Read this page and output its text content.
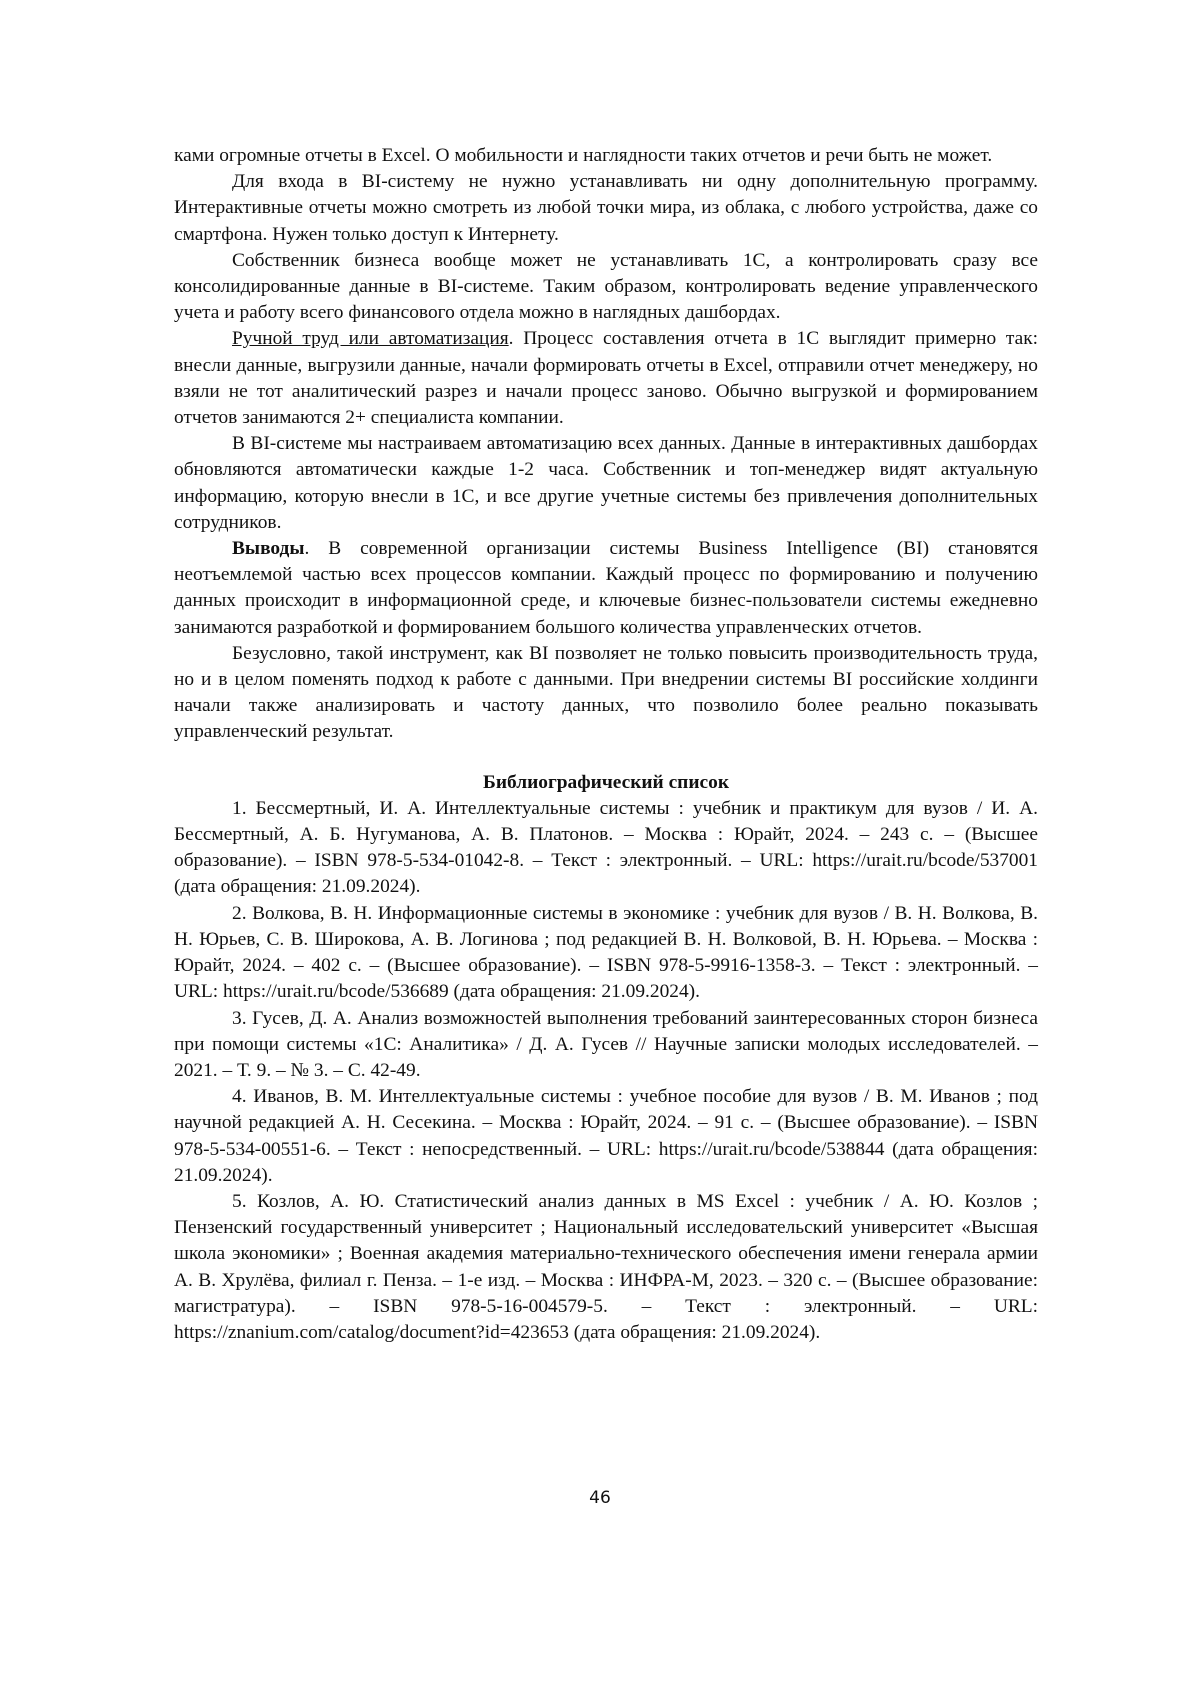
ками огромные отчеты в Excel. О мобильности и наглядности таких отчетов и речи быть не может.

Для входа в BI-систему не нужно устанавливать ни одну дополнительную программу. Интерактивные отчеты можно смотреть из любой точки мира, из облака, с любого устройства, даже со смартфона. Нужен только доступ к Интернету.

Собственник бизнеса вообще может не устанавливать 1С, а контролировать сразу все консолидированные данные в BI-системе. Таким образом, контролировать ведение управленческого учета и работу всего финансового отдела можно в наглядных дашбордах.

Ручной труд или автоматизация. Процесс составления отчета в 1С выглядит примерно так: внесли данные, выгрузили данные, начали формировать отчеты в Excel, отправили отчет менеджеру, но взяли не тот аналитический разрез и начали процесс заново. Обычно выгрузкой и формированием отчетов занимаются 2+ специалиста компании.

В BI-системе мы настраиваем автоматизацию всех данных. Данные в интерактивных дашбордах обновляются автоматически каждые 1-2 часа. Собственник и топ-менеджер видят актуальную информацию, которую внесли в 1С, и все другие учетные системы без привлечения дополнительных сотрудников.

Выводы. В современной организации системы Business Intelligence (BI) становятся неотъемлемой частью всех процессов компании. Каждый процесс по формированию и получению данных происходит в информационной среде, и ключевые бизнес-пользователи системы ежедневно занимаются разработкой и формированием большого количества управленческих отчетов.

Безусловно, такой инструмент, как BI позволяет не только повысить производительность труда, но и в целом поменять подход к работе с данными. При внедрении системы BI российские холдинги начали также анализировать и частоту данных, что позволило более реально показывать управленческий результат.

Библиографический список

1. Бессмертный, И. А. Интеллектуальные системы : учебник и практикум для вузов / И. А. Бессмертный, А. Б. Нугуманова, А. В. Платонов. – Москва : Юрайт, 2024. – 243 с. – (Высшее образование). – ISBN 978-5-534-01042-8. – Текст : электронный. – URL: https://urait.ru/bcode/537001 (дата обращения: 21.09.2024).

2. Волкова, В. Н. Информационные системы в экономике : учебник для вузов / В. Н. Волкова, В. Н. Юрьев, С. В. Широкова, А. В. Логинова ; под редакцией В. Н. Волковой, В. Н. Юрьева. – Москва : Юрайт, 2024. – 402 с. – (Высшее образование). – ISBN 978-5-9916-1358-3. – Текст : электронный. – URL: https://urait.ru/bcode/536689 (дата обращения: 21.09.2024).

3. Гусев, Д. А. Анализ возможностей выполнения требований заинтересованных сторон бизнеса при помощи системы «1С: Аналитика» / Д. А. Гусев // Научные записки молодых исследователей. – 2021. – Т. 9. – № 3. – С. 42-49.

4. Иванов, В. М. Интеллектуальные системы : учебное пособие для вузов / В. М. Иванов ; под научной редакцией А. Н. Сесекина. – Москва : Юрайт, 2024. – 91 с. – (Высшее образование). – ISBN 978-5-534-00551-6. – Текст : непосредственный. – URL: https://urait.ru/bcode/538844 (дата обращения: 21.09.2024).

5. Козлов, А. Ю. Статистический анализ данных в MS Excel : учебник / А. Ю. Козлов ; Пензенский государственный университет ; Национальный исследовательский университет «Высшая школа экономики» ; Военная академия материально-технического обеспечения имени генерала армии А. В. Хрулёва, филиал г. Пенза. – 1-е изд. – Москва : ИНФРА-М, 2023. – 320 с. – (Высшее образование: магистратура). – ISBN 978-5-16-004579-5. – Текст : электронный. – URL: https://znanium.com/catalog/document?id=423653 (дата обращения: 21.09.2024).

46
